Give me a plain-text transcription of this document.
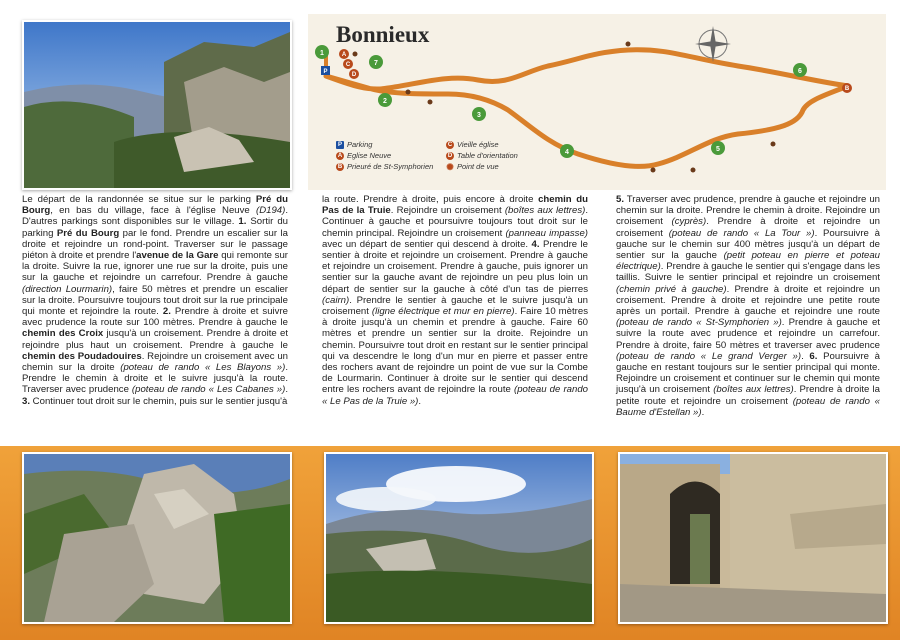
1
2
3
4	5
6
7
A
B
C
D
P
Bonnieux
P Parking
A Eglise Neuve
B Prieuré de St-Symphorien
C Vieille église
D Table d'orientation
✺ Point de vue

Le départ de la randonnée se situe sur le parking Pré du Bourg, en bas du village, face à l'église Neuve (D194). D'autres parkings sont disponibles sur le village. 1. Sortir du parking Pré du Bourg par le fond. Prendre un escalier sur la droite et rejoindre un rond-point. Traverser sur le passage piéton à droite et prendre l'avenue de la Gare qui remonte sur la droite. Suivre la rue, ignorer une rue sur la droite, puis une sur la gauche et rejoindre un carrefour. Prendre à gauche (direction Lourmarin), faire 50 mètres et prendre un escalier sur la droite. Poursuivre toujours tout droit sur la rue principale qui monte et rejoindre la route. 2. Prendre à droite et suivre avec prudence la route sur 100 mètres. Prendre à gauche le chemin des Croix jusqu'à un croisement. Prendre à droite et rejoindre plus haut un croisement. Prendre à gauche le chemin des Poudadouires. Rejoindre un croisement avec un chemin sur la droite (poteau de rando « Les Blayons »). Prendre le chemin à droite et le suivre jusqu'à la route. Traverser avec prudence (poteau de rando « Les Cabanes »). 3. Continuer tout droit sur le chemin, puis sur le sentier jusqu'à

la route. Prendre à droite, puis encore à droite chemin du Pas de la Truie. Rejoindre un croisement (boîtes aux lettres). Continuer à gauche et poursuivre toujours tout droit sur le chemin principal. Rejoindre un croisement (panneau impasse) avec un départ de sentier qui descend à droite. 4. Prendre le sentier à droite et rejoindre un croisement. Prendre à gauche et rejoindre un croisement. Prendre à gauche, puis ignorer un sentier sur la gauche avant de rejoindre un peu plus loin un départ de sentier sur la gauche à côté d'un tas de pierres (cairn). Prendre le sentier à gauche et le suivre jusqu'à un croisement (ligne électrique et mur en pierre). Faire 10 mètres à droite jusqu'à un chemin et prendre à gauche. Faire 60 mètres et prendre un sentier sur la droite. Rejoindre un chemin. Poursuivre tout droit en restant sur le sentier principal qui va descendre le long d'un mur en pierre et passer entre des rochers avant de rejoindre un point de vue sur la Combe de Lourmarin. Continuer à droite sur le sentier qui descend entre les rochers avant de rejoindre la route (poteau de rando « Le Pas de la Truie »).

5. Traverser avec prudence, prendre à gauche et rejoindre un chemin sur la droite. Prendre le chemin à droite. Rejoindre un croisement (cyprès). Prendre à droite et rejoindre un croisement (poteau de rando « La Tour »). Poursuivre à gauche sur le chemin sur 400 mètres jusqu'à un départ de sentier sur la gauche (petit poteau en pierre et poteau électrique). Prendre à gauche le sentier qui s'engage dans les taillis. Suivre le sentier principal et rejoindre un croisement (chemin privé à gauche). Prendre à droite et rejoindre un croisement. Prendre à droite et rejoindre une petite route après un portail. Prendre à gauche et rejoindre une route (poteau de rando « St-Symphorien »). Prendre à gauche et suivre la route avec prudence et rejoindre un carrefour. Prendre à droite, faire 50 mètres et traverser avec prudence (poteau de rando « Le grand Verger »). 6. Poursuivre à gauche en restant toujours sur le sentier principal qui monte. Rejoindre un croisement et continuer sur le chemin qui monte jusqu'à un croisement (boîtes aux lettres). Prendre à droite la petite route et rejoindre un croisement (poteau de rando « Baume d'Estellan »).
